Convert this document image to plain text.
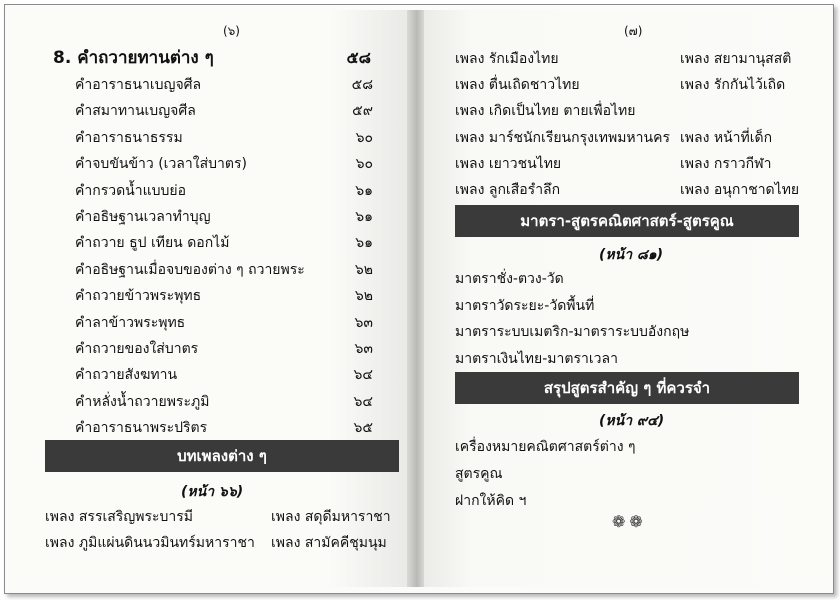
(๖)
8. คำถวายทานต่าง ๆ	๕๘
คำอาราธนาเบญจศีล	๕๘
คำสมาทานเบญจศีล	๕๙
คำอาราธนาธรรม	๖๐
คำจบขันข้าว (เวลาใส่บาตร)	๖๐
คำกรวดน้ำแบบย่อ	๖๑
คำอธิษฐานเวลาทำบุญ	๖๑
คำถวาย ธูป เทียน ดอกไม้	๖๑
คำอธิษฐานเมื่อจบของต่าง ๆ ถวายพระ	๖๒
คำถวายข้าวพระพุทธ	๖๒
คำลาข้าวพระพุทธ	๖๓
คำถวายของใส่บาตร	๖๓
คำถวายสังฆทาน	๖๔
คำหลั่งน้ำถวายพระภูมิ	๖๔
คำอาราธนาพระปริตร	๖๕
บทเพลงต่าง ๆ
(หน้า ๖๖)
เพลง สรรเสริญพระบารมี	เพลง สดุดีมหาราชา
เพลง ภูมิแผ่นดินนวมินทร์มหาราชา เพลง สามัคคีชุมนุม
(๗)
เพลง รักเมืองไทย	เพลง สยามานุสสติ
เพลง ตื่นเถิดชาวไทย	เพลง รักกันไว้เถิด
เพลง เกิดเป็นไทย ตายเพื่อไทย
เพลง มาร์ชนักเรียนกรุงเทพมหานคร เพลง หน้าที่เด็ก
เพลง เยาวชนไทย	เพลง กราวกีฬา
เพลง ลูกเสือรำลึก	เพลง อนุกาชาดไทย
มาตรา-สูตรคณิตศาสตร์-สูตรคูณ
(หน้า ๘๑)
มาตราชั่ง-ตวง-วัด
มาตราวัดระยะ-วัดพื้นที่
มาตราระบบเมตริก-มาตราระบบอังกฤษ
มาตราเงินไทย-มาตราเวลา
สรุปสูตรสำคัญ ๆ ที่ควรจำ
(หน้า ๙๔)
เครื่องหมายคณิตศาสตร์ต่าง ๆ
สูตรคูณ
ฝากให้คิด ฯ
❁❁
